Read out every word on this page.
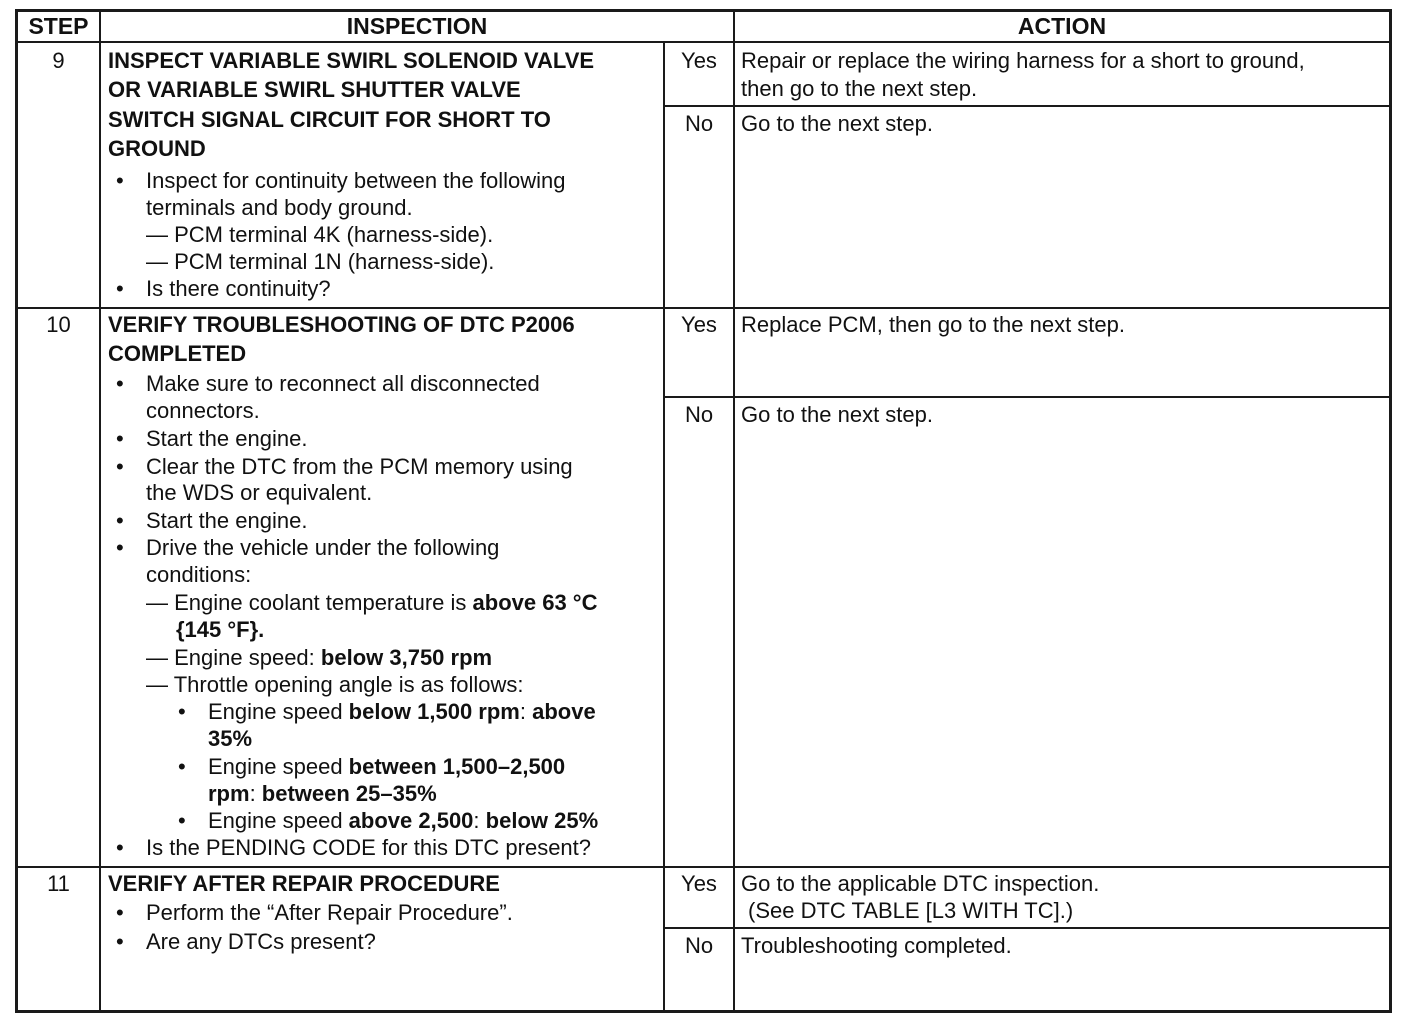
STEP	INSPECTION	ACTION
9	INSPECT VARIABLE SWIRL SOLENOID VALVE
OR VARIABLE SWIRL SHUTTER VALVE
SWITCH SIGNAL CIRCUIT FOR SHORT TO
GROUND
• Inspect for continuity between the following
terminals and body ground.
— PCM terminal 4K (harness-side).
— PCM terminal 1N (harness-side).
• Is there continuity?
Yes	Repair or replace the wiring harness for a short to ground,
then go to the next step.
No	Go to the next step.
10	VERIFY TROUBLESHOOTING OF DTC P2006
COMPLETED
• Make sure to reconnect all disconnected
connectors.
• Start the engine.
• Clear the DTC from the PCM memory using
the WDS or equivalent.
• Start the engine.
• Drive the vehicle under the following
conditions:
— Engine coolant temperature is above 63 °C
{145 °F}.
— Engine speed: below 3,750 rpm
— Throttle opening angle is as follows:
• Engine speed below 1,500 rpm: above
35%
• Engine speed between 1,500–2,500
rpm: between 25–35%
• Engine speed above 2,500: below 25%
• Is the PENDING CODE for this DTC present?
Yes	Replace PCM, then go to the next step.
No	Go to the next step.
11	VERIFY AFTER REPAIR PROCEDURE
• Perform the “After Repair Procedure”.
• Are any DTCs present?
Yes	Go to the applicable DTC inspection.
(See DTC TABLE [L3 WITH TC].)
No	Troubleshooting completed.
